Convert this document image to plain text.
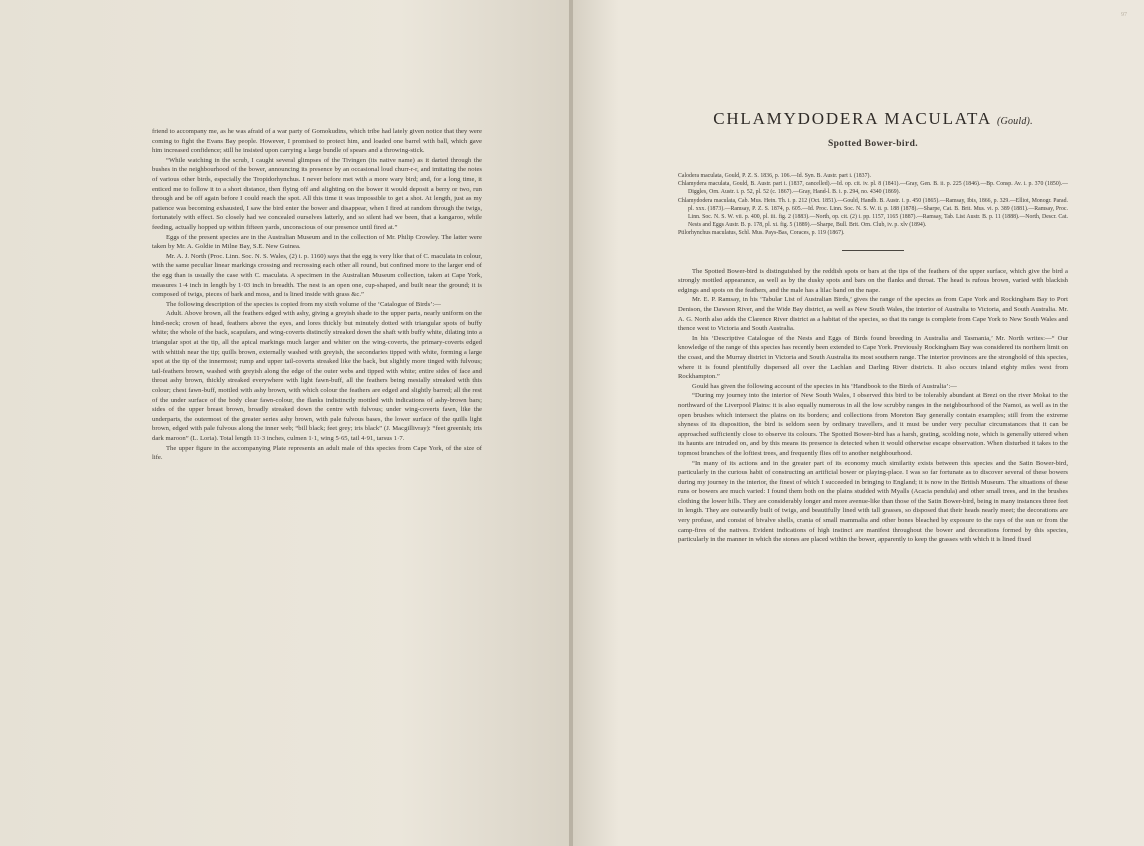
friend to accompany me, as he was afraid of a war party of Gomokudins, which tribe had lately given notice that they were coming to fight the Evans Bay people. However, I promised to protect him, and loaded one barrel with ball, which gave him increased confidence; still he insisted upon carrying a large bundle of spears and a throwing-stick.

“While watching in the scrub, I caught several glimpses of the Tivingen (its native name) as it darted through the bushes in the neighbourhood of the bower, announcing its presence by an occasional loud churr-r-r, and imitating the notes of various other birds, especially the Tropidorhynchus. I never before met with a more wary bird; and, for a long time, it enticed me to follow it to a short distance, then flying off and alighting on the bower it would deposit a berry or two, run through and be off again before I could reach the spot. All this time it was impossible to get a shot. At length, just as my patience was becoming exhausted, I saw the bird enter the bower and disappear, when I fired at random through the twigs, fortunately with effect. So closely had we concealed ourselves latterly, and so silent had we been, that a kangaroo, while feeding, actually hopped up within fifteen yards, unconscious of our presence until fired at.”

Eggs of the present species are in the Australian Museum and in the collection of Mr. Philip Crowley. The latter were taken by Mr. A. Goldie in Milne Bay, S.E. New Guinea.

Mr. A. J. North (Proc. Linn. Soc. N. S. Wales, (2) i. p. 1160) says that the egg is very like that of C. maculata in colour, with the same peculiar linear markings crossing and recrossing each other all round, but confined more to the larger end of the egg than is usually the case with C. maculata. A specimen in the Australian Museum collection, taken at Cape York, measures 1·4 inch in length by 1·03 inch in breadth. The nest is an open one, cup-shaped, and built near the ground; it is composed of twigs, pieces of bark and moss, and is lined inside with grass &c.”

The following description of the species is copied from my sixth volume of the ‘Catalogue of Birds’:—

Adult. Above brown, all the feathers edged with ashy, giving a greyish shade to the upper parts, nearly uniform on the hind-neck; crown of head, feathers above the eyes, and lores thickly but minutely dotted with triangular spots of buffy white; the whole of the back, scapulars, and wing-coverts distinctly streaked down the shaft with buffy white, dilating into a triangular spot at the tip, all the apical markings much larger and whiter on the wing-coverts, the primary-coverts edged with whitish near the tip; quills brown, externally washed with greyish, the secondaries tipped with white, forming a large spot at the tip of the innermost; rump and upper tail-coverts streaked like the back, but slightly more tinged with fulvous; tail-feathers brown, washed with greyish along the edge of the outer webs and tipped with white; entire sides of face and throat ashy brown, thickly streaked everywhere with light fawn-buff, all the feathers being mesially streaked with this colour; chest fawn-buff, mottled with ashy brown, with which colour the feathers are edged and slightly barred; all the rest of the under surface of the body clear fawn-colour, the flanks indistinctly mottled with indications of ashy-brown bars; sides of the upper breast brown, broadly streaked down the centre with fulvous; under wing-coverts fawn, like the underparts, the outermost of the greater series ashy brown, with pale fulvous bases, the lower surface of the quills light brown, edged with pale fulvous along the inner web; “bill black; feet grey; iris black” (J. Macgillivray): “feet greenish; iris dark maroon” (L. Loria). Total length 11·3 inches, culmen 1·1, wing 5·65, tail 4·91, tarsus 1·7.

The upper figure in the accompanying Plate represents an adult male of this species from Cape York, of the size of life.

97
CHLAMYDODERA MACULATA (Gould).
Spotted Bower-bird.

Calodera maculata, Gould, P. Z. S. 1836, p. 106.—Id. Syn. B. Austr. part i. (1837).

Chlamydera maculata, Gould, B. Austr. part i. (1837, cancelled).—Id. op. cit. iv. pl. 8 (1841).—Gray, Gen. B. ii. p. 225 (1846).—Bp. Consp. Av. i. p. 370 (1850).—Diggles, Orn. Austr. i. p. 52, pl. 52 (c. 1867).—Gray, Hand-l. B. i. p. 294, no. 4340 (1869).

Chlamydodera maculata, Cab. Mus. Hein. Th. i. p. 212 (Oct. 1851).—Gould, Handb. B. Austr. i. p. 450 (1865).—Ramsay, Ibis, 1866, p. 329.—Elliot, Monogr. Parad. pl. xxx. (1873).—Ramsay, P. Z. S. 1874, p. 605.—Id. Proc. Linn. Soc. N. S. W. ii. p. 188 (1878).—Sharpe, Cat. B. Brit. Mus. vi. p. 389 (1881).—Ramsay, Proc. Linn. Soc. N. S. W. vii. p. 400, pl. iii. fig. 2 (1883).—North, op. cit. (2) i. pp. 1157, 1165 (1887).—Ramsay, Tab. List Austr. B. p. 11 (1888).—North, Descr. Cat. Nests and Eggs Austr. B. p. 178, pl. xi. fig. 5 (1889).—Sharpe, Bull. Brit. Orn. Club, iv. p. xlv (1894).

Ptilorhynchus maculatus, Schl. Mus. Pays-Bas, Coraces, p. 119 (1867).

The Spotted Bower-bird is distinguished by the reddish spots or bars at the tips of the feathers of the upper surface, which give the bird a strongly mottled appearance, as well as by the dusky spots and bars on the flanks and throat. The head is rufous brown, varied with blackish edgings and spots on the feathers, and the male has a lilac band on the nape.

Mr. E. P. Ramsay, in his ‘Tabular List of Australian Birds,’ gives the range of the species as from Cape York and Rockingham Bay to Port Denison, the Dawson River, and the Wide Bay district, as well as New South Wales, the interior of Australia to Victoria, and South Australia. Mr. A. G. North also adds the Clarence River district as a habitat of the species, so that its range is complete from Cape York to New South Wales and thence west to Victoria and South Australia.

In his ‘Descriptive Catalogue of the Nests and Eggs of Birds found breeding in Australia and Tasmania,’ Mr. North writes:—“ Our knowledge of the range of this species has recently been extended to Cape York. Previously Rockingham Bay was considered its northern limit on the coast, and the Murray district in Victoria and South Australia its most southern range. The interior provinces are the stronghold of this species, where it is found plentifully dispersed all over the Lachlan and Darling River districts. It also occurs inland eighty miles west from Rockhampton.”

Gould has given the following account of the species in his ‘Handbook to the Birds of Australia’:—

“During my journey into the interior of New South Wales, I observed this bird to be tolerably abundant at Brezi on the river Mokai to the northward of the Liverpool Plains: it is also equally numerous in all the low scrubby ranges in the neighbourhood of the Namoi, as well as in the open brushes which intersect the plains on its borders; and collections from Moreton Bay generally contain examples; still from the extreme shyness of its disposition, the bird is seldom seen by ordinary travellers, and it must be under very peculiar circumstances that it can be approached sufficiently close to observe its colours. The Spotted Bower-bird has a harsh, grating, scolding note, which is generally uttered when its haunts are intruded on, and by this means its presence is detected when it would otherwise escape observation. When disturbed it takes to the topmost branches of the loftiest trees, and frequently flies off to another neighbourhood.

“In many of its actions and in the greater part of its economy much similarity exists between this species and the Satin Bower-bird, particularly in the curious habit of constructing an artificial bower or playing-place. I was so far fortunate as to discover several of these bowers during my journey in the interior, the finest of which I succeeded in bringing to England; it is now in the British Museum. The situations of these runs or bowers are much varied: I found them both on the plains studded with Myalls (Acacia pendula) and other small trees, and in the brushes clothing the lower hills. They are considerably longer and more avenue-like than those of the Satin Bower-bird, being in many instances three feet in length. They are outwardly built of twigs, and beautifully lined with tall grasses, so disposed that their heads nearly meet; the decorations are very profuse, and consist of bivalve shells, crania of small mammalia and other bones bleached by exposure to the rays of the sun or from the camp-fires of the natives. Evident indications of high instinct are manifest throughout the bower and decorations formed by this species, particularly in the manner in which the stones are placed within the bower, apparently to keep the grasses with which it is lined fixed
